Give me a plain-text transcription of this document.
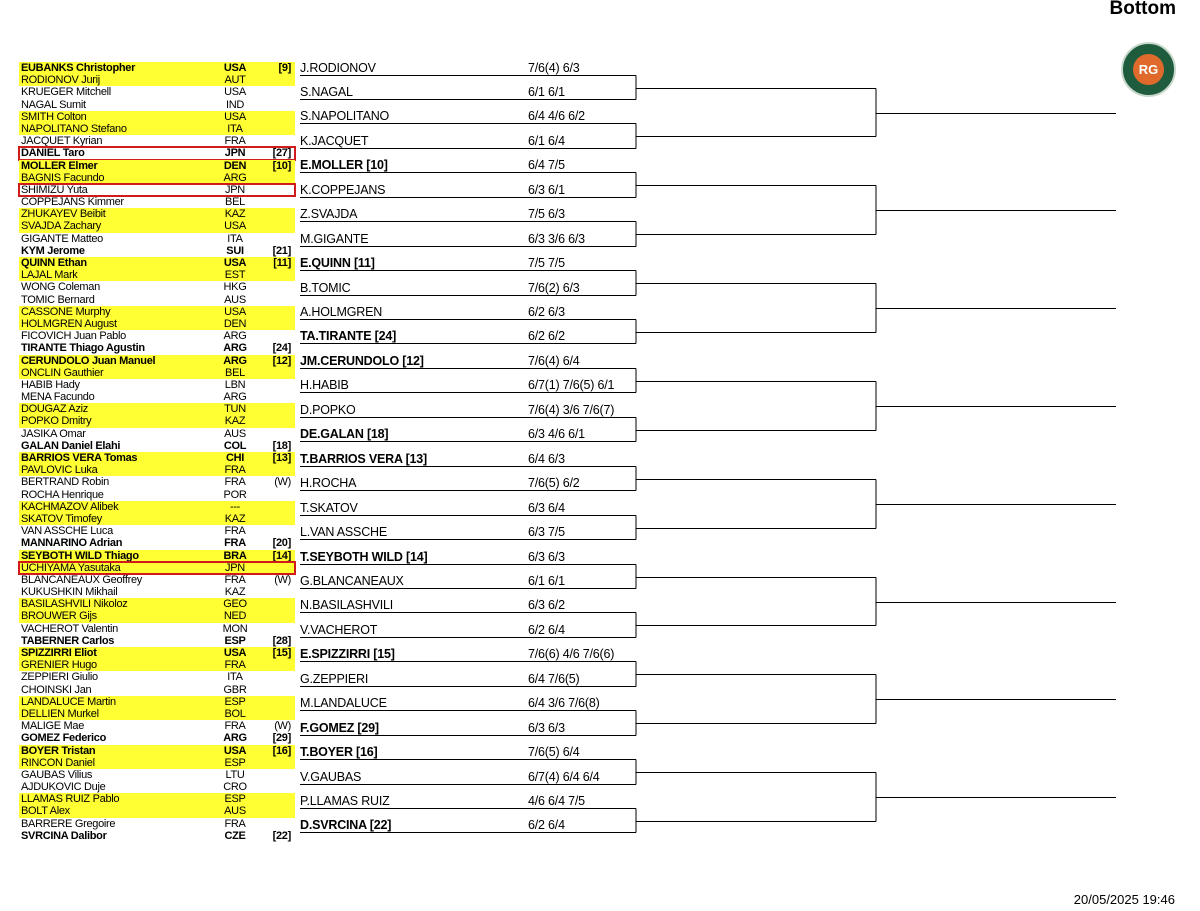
Bottom
RG
EUBANKS Christopher	USA	[9]
RODIONOV Jurij	AUT
KRUEGER Mitchell	USA
NAGAL Sumit	IND
SMITH Colton	USA
NAPOLITANO Stefano	ITA
JACQUET Kyrian	FRA
DANIEL Taro	JPN	[27]
MOLLER Elmer	DEN	[10]
BAGNIS Facundo	ARG
SHIMIZU Yuta	JPN
COPPEJANS Kimmer	BEL
ZHUKAYEV Beibit	KAZ
SVAJDA Zachary	USA
GIGANTE Matteo	ITA
KYM Jerome	SUI	[21]
QUINN Ethan	USA	[11]
LAJAL Mark	EST
WONG Coleman	HKG
TOMIC Bernard	AUS
CASSONE Murphy	USA
HOLMGREN August	DEN
FICOVICH Juan Pablo	ARG
TIRANTE Thiago Agustin	ARG	[24]
CERUNDOLO Juan Manuel	ARG	[12]
ONCLIN Gauthier	BEL
HABIB Hady	LBN
MENA Facundo	ARG
DOUGAZ Aziz	TUN
POPKO Dmitry	KAZ
JASIKA Omar	AUS
GALAN Daniel Elahi	COL	[18]
BARRIOS VERA Tomas	CHI	[13]
PAVLOVIC Luka	FRA
BERTRAND Robin	FRA	(W)
ROCHA Henrique	POR
KACHMAZOV Alibek	---
SKATOV Timofey	KAZ
VAN ASSCHE Luca	FRA
MANNARINO Adrian	FRA	[20]
SEYBOTH WILD Thiago	BRA	[14]
UCHIYAMA Yasutaka	JPN
BLANCANEAUX Geoffrey	FRA	(W)
KUKUSHKIN Mikhail	KAZ
BASILASHVILI Nikoloz	GEO
BROUWER Gijs	NED
VACHEROT Valentin	MON
TABERNER Carlos	ESP	[28]
SPIZZIRRI Eliot	USA	[15]
GRENIER Hugo	FRA
ZEPPIERI Giulio	ITA
CHOINSKI Jan	GBR
LANDALUCE Martin	ESP
DELLIEN Murkel	BOL
MALIGE Mae	FRA	(W)
GOMEZ Federico	ARG	[29]
BOYER Tristan	USA	[16]
RINCON Daniel	ESP
GAUBAS Vilius	LTU
AJDUKOVIC Duje	CRO
LLAMAS RUIZ Pablo	ESP
BOLT Alex	AUS
BARRERE Gregoire	FRA
SVRCINA Dalibor	CZE	[22]
J.RODIONOV	7/6(4) 6/3
S.NAGAL	6/1 6/1
S.NAPOLITANO	6/4 4/6 6/2
K.JACQUET	6/1 6/4
E.MOLLER [10]	6/4 7/5
K.COPPEJANS	6/3 6/1
Z.SVAJDA	7/5 6/3
M.GIGANTE	6/3 3/6 6/3
E.QUINN [11]	7/5 7/5
B.TOMIC	7/6(2) 6/3
A.HOLMGREN	6/2 6/3
TA.TIRANTE [24]	6/2 6/2
JM.CERUNDOLO [12]	7/6(4) 6/4
H.HABIB	6/7(1) 7/6(5) 6/1
D.POPKO	7/6(4) 3/6 7/6(7)
DE.GALAN [18]	6/3 4/6 6/1
T.BARRIOS VERA [13]	6/4 6/3
H.ROCHA	7/6(5) 6/2
T.SKATOV	6/3 6/4
L.VAN ASSCHE	6/3 7/5
T.SEYBOTH WILD [14]	6/3 6/3
G.BLANCANEAUX	6/1 6/1
N.BASILASHVILI	6/3 6/2
V.VACHEROT	6/2 6/4
E.SPIZZIRRI [15]	7/6(6) 4/6 7/6(6)
G.ZEPPIERI	6/4 7/6(5)
M.LANDALUCE	6/4 3/6 7/6(8)
F.GOMEZ [29]	6/3 6/3
T.BOYER [16]	7/6(5) 6/4
V.GAUBAS	6/7(4) 6/4 6/4
P.LLAMAS RUIZ	4/6 6/4 7/5
D.SVRCINA [22]	6/2 6/4
20/05/2025 19:46
